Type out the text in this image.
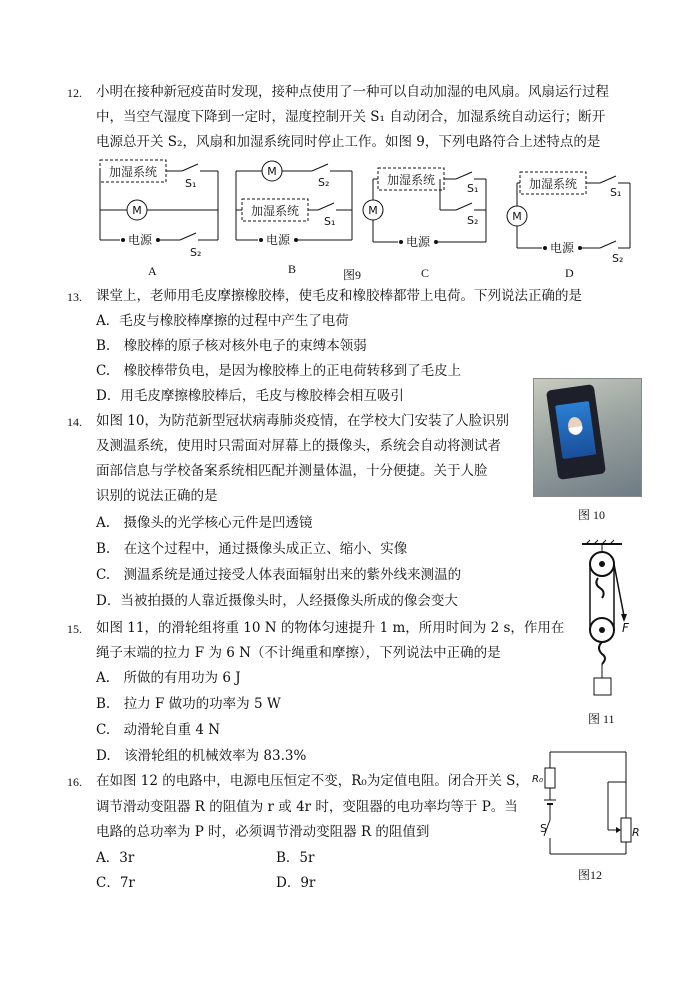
12. 小明在接种新冠疫苗时发现，接种点使用了一种可以自动加湿的电风扇。风扇运行过程
中，当空气湿度下降到一定时，湿度控制开关 S₁ 自动闭合，加湿系统自动运行；断开
电源总开关 S₂，风扇和加湿系统同时停止工作。如图 9，下列电路符合上述特点的是
加湿系统
S₁
M
电源
S₂
M
S₂
加湿系统
S₁
电源
加湿系统
S₁
M
S₂
电源
加湿系统
S₁
M
电源
S₂
A	B	图9	C	D
13. 课堂上，老师用毛皮摩擦橡胶棒，使毛皮和橡胶棒都带上电荷。下列说法正确的是
A．毛皮与橡胶棒摩擦的过程中产生了电荷
B.　橡胶棒的原子核对核外电子的束缚本领弱
C.　橡胶棒带负电，是因为橡胶棒上的正电荷转移到了毛皮上
D．用毛皮摩擦橡胶棒后，毛皮与橡胶棒会相互吸引
14. 如图 10，为防范新型冠状病毒肺炎疫情，在学校大门安装了人脸识别
及测温系统，使用时只需面对屏幕上的摄像头，系统会自动将测试者
面部信息与学校备案系统相匹配并测量体温，十分便捷。关于人脸
识别的说法正确的是
A.　摄像头的光学核心元件是凹透镜
B.　在这个过程中，通过摄像头成正立、缩小、实像
C.　测温系统是通过接受人体表面辐射出来的紫外线来测温的
D．当被拍摄的人靠近摄像头时，人经摄像头所成的像会变大
图 10
F
图 11
15. 如图 11，的滑轮组将重 10 N 的物体匀速提升 1 m，所用时间为 2 s，作用在
绳子末端的拉力 F 为 6 N（不计绳重和摩擦），下列说法中正确的是
A.　所做的有用功为 6 J
B.　拉力 F 做功的功率为 5 W
C.　动滑轮自重 4 N
D.　该滑轮组的机械效率为 83.3%
16. 在如图 12 的电路中，电源电压恒定不变，R₀为定值电阻。闭合开关 S，
调节滑动变阻器 R 的阻值为 r 或 4r 时，变阻器的电功率均等于 P。当
电路的总功率为 P 时，必须调节滑动变阻器 R 的阻值到
A．3r	B．5r
C．7r	D．9r
R₀
S	R
图12
